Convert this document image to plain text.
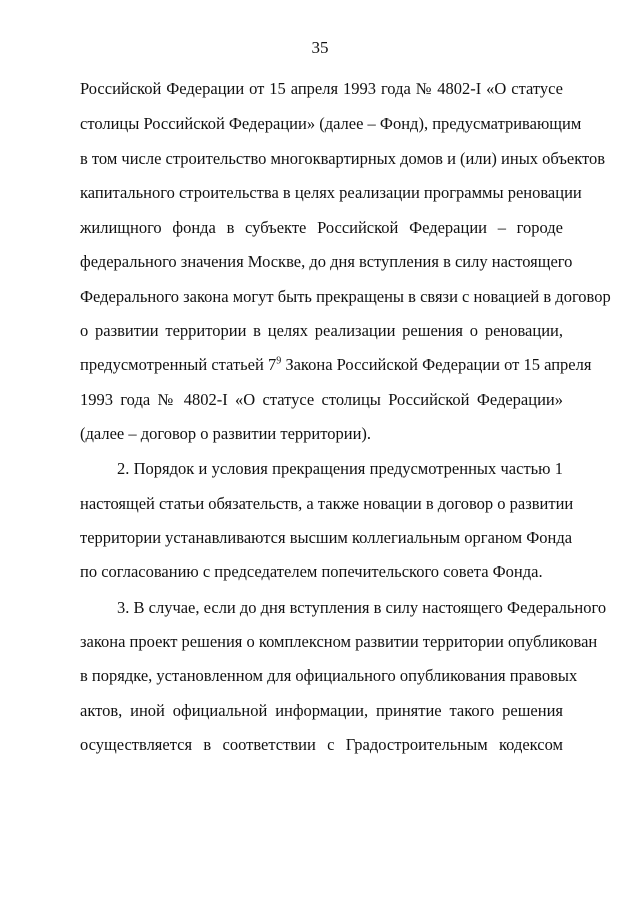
35
Российской Федерации от 15 апреля 1993 года № 4802-I «О статусе
столицы Российской Федерации» (далее – Фонд), предусматривающим
в том числе строительство многоквартирных домов и (или) иных объектов
капитального строительства в целях реализации программы реновации
жилищного фонда в субъекте Российской Федерации – городе
федерального значения Москве, до дня вступления в силу настоящего
Федерального закона могут быть прекращены в связи с новацией в договор
о развитии территории в целях реализации решения о реновации,
предусмотренный статьей $7^9$ Закона Российской Федерации от 15 апреля
1993 года № 4802-I «О статусе столицы Российской Федерации»
(далее – договор о развитии территории).
2. Порядок и условия прекращения предусмотренных частью 1
настоящей статьи обязательств, а также новации в договор о развитии
территории устанавливаются высшим коллегиальным органом Фонда
по согласованию с председателем попечительского совета Фонда.
3. В случае, если до дня вступления в силу настоящего Федерального
закона проект решения о комплексном развитии территории опубликован
в порядке, установленном для официального опубликования правовых
актов, иной официальной информации, принятие такого решения
осуществляется в соответствии с Градостроительным кодексом
